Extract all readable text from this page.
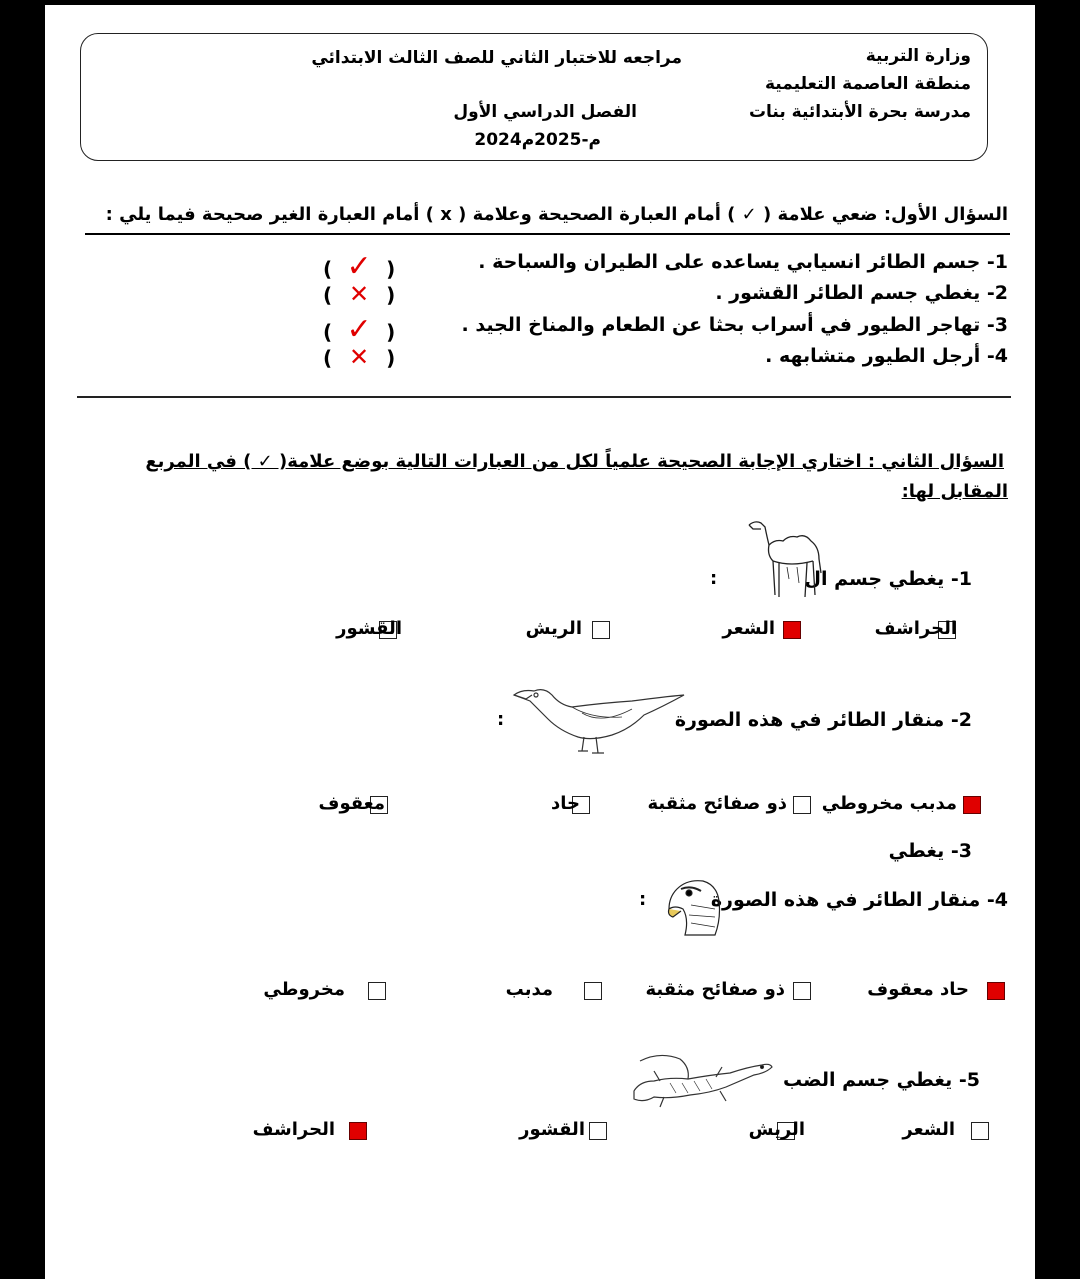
وزارة التربية
منطقة العاصمة التعليمية
مدرسة بحرة الأبتدائية بنات
مراجعه للاختبار الثاني للصف الثالث الابتدائي
الفصل الدراسي الأول
2024م-2025م
السؤال الأول: ضعي علامة ( ✓ ) أمام العبارة الصحيحة وعلامة ( x ) أمام العبارة الغير صحيحة فيما يلي :
1- جسم الطائر انسيابي يساعده على الطيران والسباحة .
( ✓ )
2- يغطي جسم الطائر القشور .
( ✕ )
3- تهاجر الطيور في أسراب بحثا عن الطعام والمناخ الجيد .
( ✓ )
4- أرجل الطيور متشابهه .
( ✕ )
السؤال الثاني : اختاري الإجابة الصحيحة علمياً لكل من العبارات التالية بوضع علامة( ✓ ) في المربع
المقابل لها:
1- يغطي جسم ال
:
الحراشف
الشعر
الريش
القشور
2- منقار الطائر في هذه الصورة
:
مدبب مخروطي
ذو صفائح مثقبة
حاد
معقوف
3- يغطي
4- منقار الطائر في هذه الصورة
:
حاد معقوف
ذو صفائح مثقبة
مدبب
مخروطي
5- يغطي جسم الضب
الشعر
الريش
القشور
الحراشف
